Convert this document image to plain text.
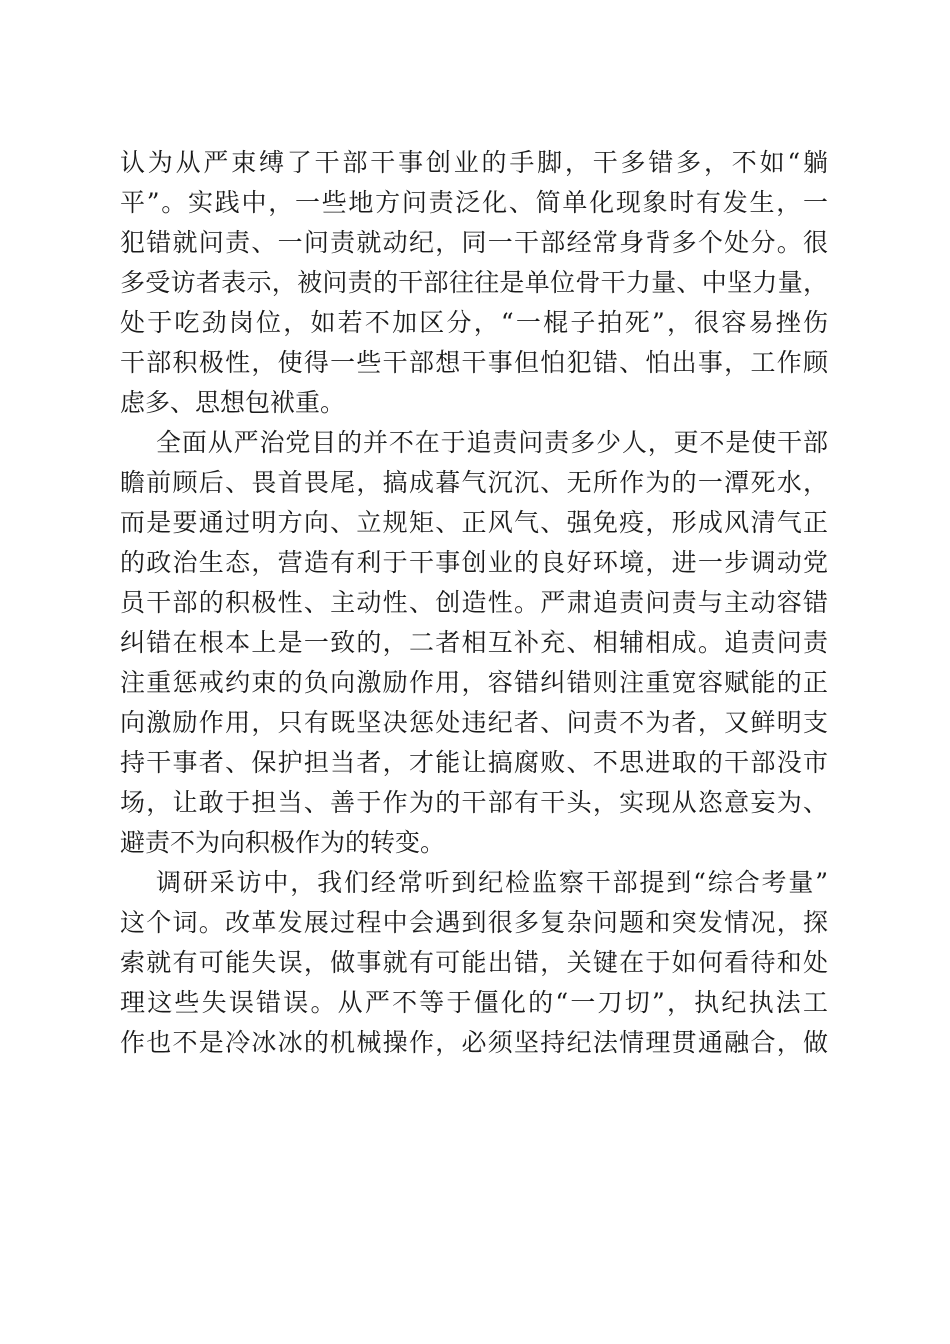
认为从严束缚了干部干事创业的手脚，干多错多，不如“躺
平”。实践中，一些地方问责泛化、简单化现象时有发生，一
犯错就问责、一问责就动纪，同一干部经常身背多个处分。很
多受访者表示，被问责的干部往往是单位骨干力量、中坚力量，
处于吃劲岗位，如若不加区分，“一棍子拍死”，很容易挫伤
干部积极性，使得一些干部想干事但怕犯错、怕出事，工作顾
虑多、思想包袱重。
全面从严治党目的并不在于追责问责多少人，更不是使干部
瞻前顾后、畏首畏尾，搞成暮气沉沉、无所作为的一潭死水，
而是要通过明方向、立规矩、正风气、强免疫，形成风清气正
的政治生态，营造有利于干事创业的良好环境，进一步调动党
员干部的积极性、主动性、创造性。严肃追责问责与主动容错
纠错在根本上是一致的，二者相互补充、相辅相成。追责问责
注重惩戒约束的负向激励作用，容错纠错则注重宽容赋能的正
向激励作用，只有既坚决惩处违纪者、问责不为者，又鲜明支
持干事者、保护担当者，才能让搞腐败、不思进取的干部没市
场，让敢于担当、善于作为的干部有干头，实现从恣意妄为、
避责不为向积极作为的转变。
调研采访中，我们经常听到纪检监察干部提到“综合考量”
这个词。改革发展过程中会遇到很多复杂问题和突发情况，探
索就有可能失误，做事就有可能出错，关键在于如何看待和处
理这些失误错误。从严不等于僵化的“一刀切”，执纪执法工
作也不是冷冰冰的机械操作，必须坚持纪法情理贯通融合，做
